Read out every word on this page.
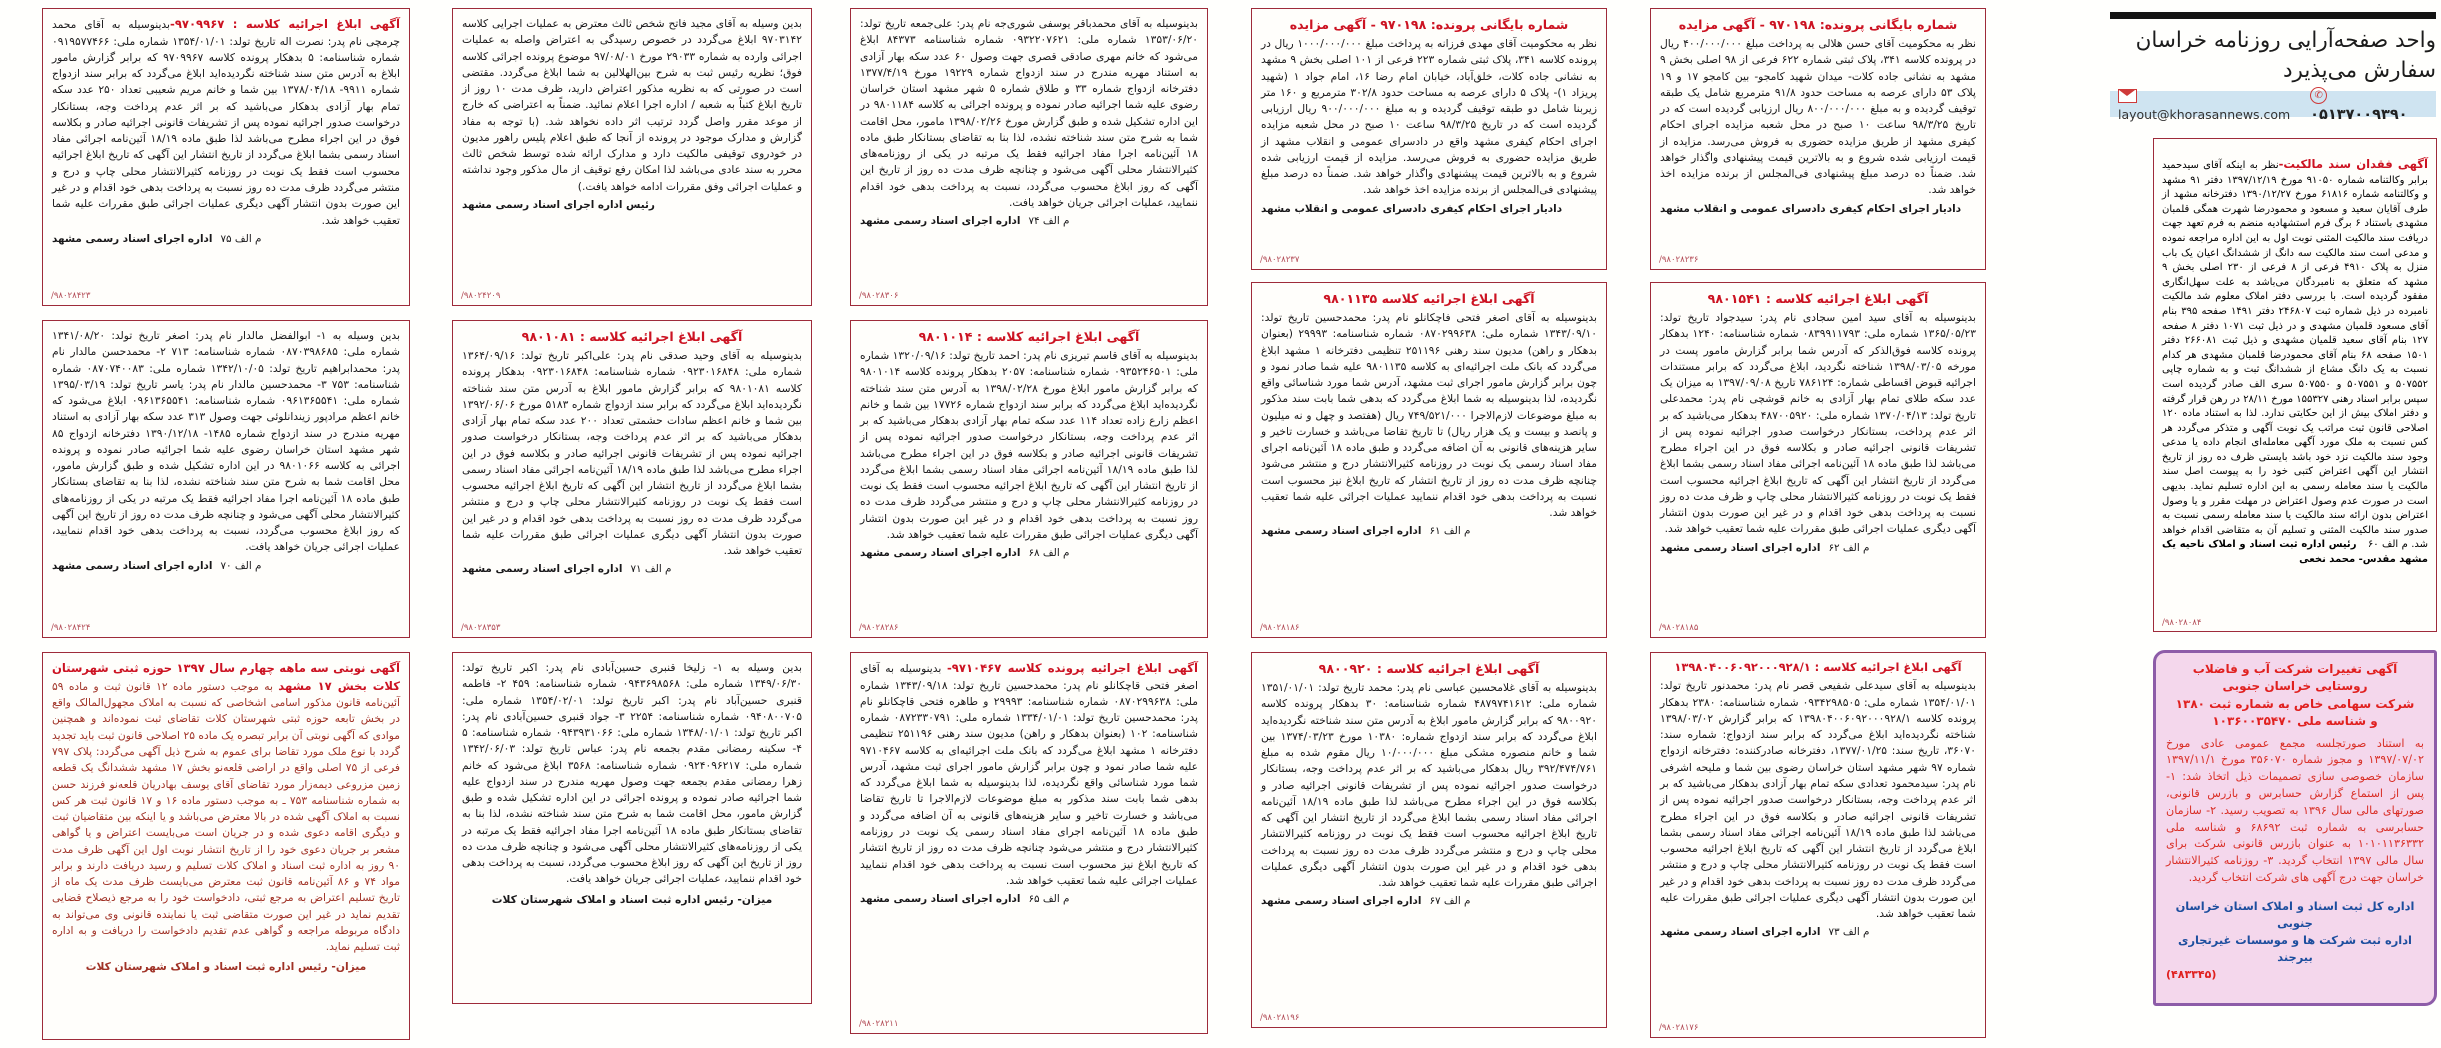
واحد صفحه‌آرایی روزنامه خراسان
سفارش می‌پذیرد
layout@khorasannews.com
✆ ۰۵۱۳۷۰۰۹۳۹۰

آگهی فقدان سند مالکیت-نظر به اینکه آقای سیدحمید برابر وکالتنامه شماره ۹۱۰۵۰ مورخ ۱۳۹۷/۱۲/۱۹ دفتر ۹۱ مشهد و وکالتنامه شماره ۶۱۸۱۶ مورخ ۱۳۹۰/۱۲/۲۷ دفترخانه مشهد از طرف آقایان سعید و مسعود و محمودرضا شهرت همگی قلمبان مشهدی باستناد ۶ برگ فرم استشهادیه منضم به فرم تعهد جهت دریافت سند مالکیت المثنی نوبت اول به این اداره مراجعه نموده و مدعی است سند مالکیت سه دانگ از ششدانگ اعیان یک باب منزل به پلاک ۴۹۱۰ فرعی از ۸ فرعی از ۲۳۰ اصلی بخش ۹ مشهد که متعلق به نامبردگان می‌باشد به علت سهل‌انگاری مفقود گردیده است. با بررسی دفتر املاک معلوم شد مالکیت نامبرده در ذیل شماره ثبت ۲۴۶۸۰۷ دفتر ۱۴۹۱ صفحه ۳۹۵ بنام آقای مسعود قلمبان مشهدی و در ذیل ثبت ۱۰۷۱ دفتر ۸ صفحه ۱۲۷ بنام آقای سعید قلمیان مشهدی و ذیل ثبت ۲۶۶۰۸۱ دفتر ۱۵۰۱ صفحه ۶۸ بنام آقای محمودرضا قلمبان مشهدی هر کدام نسبت به یک دانگ مشاع از ششدانگ ثبت و به شماره چاپی ۵۰۷۵۵۲ و ۵۰۷۵۵۱ و ۵۰۷۵۵۰ سری الف صادر گردیده است سپس برابر اسناد رهنی ۱۵۵۳۲۷ مورخ ۲۸/۱۱ در رهن قرار گرفته و دفتر املاک بیش از این حکایتی ندارد. لذا به استناد ماده ۱۲۰ اصلاحی قانون ثبت مراتب یک نوبت آگهی و متذکر می‌گردد هر کس نسبت به ملک مورد آگهی معامله‌ای انجام داده یا مدعی وجود سند مالکیت نزد خود باشد بایستی ظرف ده روز از تاریخ انتشار این آگهی اعتراض کتبی خود را به پیوست اصل سند مالکیت یا سند معامله رسمی به این اداره تسلیم نماید. بدیهی است در صورت عدم وصول اعتراض در مهلت مقرر و یا وصول اعتراض بدون ارائه سند مالکیت یا سند معامله رسمی نسبت به صدور سند مالکیت المثنی و تسلیم آن به متقاضی اقدام خواهد شد. م الف ۶۰ رئیس اداره ثبت اسناد و املاک ناحیه یک مشهد مقدس- محمد نخعی

/۹۸۰۲۸۰۸۴
آگهی تغییرات شرکت آب و فاضلاب روستایی خراسان جنوبی
شرکت سهامی خاص به شماره ثبت ۱۳۸۰
و شناسه ملی ۱۰۳۶۰۰۳۵۴۷۰

به استناد صورتجلسه مجمع عمومی عادی مورخ ۱۳۹۷/۰۷/۰۲ و مجوز شماره ۳۵۶۰۷۰ مورخ ۱۳۹۷/۱۱/۱ سازمان خصوصی سازی تصمیمات ذیل اتخاذ شد: ۱- پس از استماع گزارش حسابرس و بازرس قانونی، صورتهای مالی سال ۱۳۹۶ به تصویب رسید. ۲- سازمان حسابرسی به شماره ثبت ۶۸۶۹۲ و شناسه ملی ۱۰۱۰۱۱۳۶۳۳۲ به عنوان بازرس قانونی شرکت برای سال مالی ۱۳۹۷ انتخاب گردید. ۳- روزنامه کثیرالانتشار خراسان جهت درج آگهی های شرکت انتخاب گردید.

اداره کل ثبت اسناد و املاک استان خراسان جنوبی
اداره ثبت شرکت ها و موسسات غیرتجاری بیرجند
(۴۸۳۳۴۵)

آگهی ابلاغ اجرائیه کلاسه : ۹۷۰۹۹۶۷-بدینوسیله به آقای محمد چرمچی نام پدر: نصرت اله تاریخ تولد: ۱۳۵۴/۰۱/۰۱ شماره ملی: ۰۹۱۹۵۷۷۴۶۶ شماره شناسنامه: ۵ بدهکار پرونده کلاسه ۹۷۰۹۹۶۷ که برابر گزارش مامور ابلاغ به آدرس متن سند شناخته نگردیده‌اید ابلاغ می‌گردد که برابر سند ازدواج شماره ۹۹۱۱- ۱۳۷۸/۰۴/۱۸ بین شما و خانم مریم شعیبی تعداد ۲۵۰ عدد سکه تمام بهار آزادی بدهکار می‌باشید که بر اثر عدم پرداخت وجه، بستانکار درخواست صدور اجرائیه نموده پس از تشریفات قانونی اجرائیه صادر و بکلاسه فوق در این اجراء مطرح می‌باشد لذا طبق ماده ۱۸/۱۹ آئین‌نامه اجرائی مفاد اسناد رسمی بشما ابلاغ می‌گردد از تاریخ انتشار این آگهی که تاریخ ابلاغ اجرائیه محسوب است فقط یک نوبت در روزنامه کثیرالانتشار محلی چاپ و درج و منتشر می‌گردد ظرف مدت ده روز نسبت به پرداخت بدهی خود اقدام و در غیر این صورت بدون انتشار آگهی دیگری عملیات اجرائی طبق مقررات علیه شما تعقیب خواهد شد.

م الف ۷۵اداره اجرای اسناد رسمی مشهد
/۹۸۰۲۸۴۲۳

بدین وسیله به آقای مجید فاتح شخص ثالث معترض به عملیات اجرایی کلاسه ۹۷۰۳۱۴۲ ابلاغ می‌گردد در خصوص رسیدگی به اعتراض واصله به عملیات اجرائی وارده به شماره ۲۹۰۳۳ مورخ ۹۷/۰۸/۰۱ موضوع پرونده اجرائی کلاسه فوق؛ نظریه رئیس ثبت به شرح بین‌الهلالین به شما ابلاغ می‌گردد. مقتضی است در صورتی که به نظریه مذکور اعتراض دارید، ظرف مدت ۱۰ روز از تاریخ ابلاغ کتباً به شعبه / اداره اجرا اعلام نمائید. ضمناً به اعتراضی که خارج از موعد مقرر واصل گردد ترتیب اثر داده نخواهد شد. (با توجه به مفاد گزارش و مدارک موجود در پرونده از آنجا که طبق اعلام پلیس راهور مدیون در خودروی توقیفی مالکیت دارد و مدارک ارائه شده توسط شخص ثالث محرر به سند عادی می‌باشد لذا امکان رفع توقیف از مال مذکور وجود نداشته و عملیات اجرائی وفق مقررات ادامه خواهد یافت.)

رئیس اداره اجرای اسناد رسمی مشهد
/۹۸۰۲۴۲۰۹

بدینوسیله به آقای محمدباقر یوسفی شوری‌جه نام پدر: علی‌جمعه تاریخ تولد: ۱۳۵۳/۰۶/۲۰ شماره ملی: ۰۹۳۲۲۰۷۶۲۱ شماره شناسنامه ۸۴۳۷۳ ابلاغ می‌شود که خانم مهری صادقی قصری جهت وصول ۶۰ عدد سکه بهار آزادی به استناد مهریه مندرج در سند ازدواج شماره ۱۹۲۲۹ مورخ ۱۳۷۷/۴/۱۹ دفترخانه ازدواج شماره ۳۳ و طلاق شماره ۵ شهر مشهد استان خراسان رضوی علیه شما اجرائیه صادر نموده و پرونده اجرائی به کلاسه ۹۸۰۱۱۸۴ در این اداره تشکیل شده و طبق گزارش مورخ ۱۳۹۸/۰۲/۲۶ مامور، محل اقامت شما به شرح متن سند شناخته نشده، لذا بنا به تقاضای بستانکار طبق ماده ۱۸ آئین‌نامه اجرا مفاد اجرائیه فقط یک مرتبه در یکی از روزنامه‌های کثیرالانتشار محلی آگهی می‌شود و چنانچه ظرف مدت ده روز از تاریخ این آگهی که روز ابلاغ محسوب می‌گردد، نسبت به پرداخت بدهی خود اقدام ننمایید، عملیات اجرائی جریان خواهد یافت.

م الف ۷۴اداره اجرای اسناد رسمی مشهد
/۹۸۰۲۸۳۰۶
شماره بایگانی پرونده: ۹۷۰۱۹۸ - آگهی مزایده

نظر به محکومیت آقای مهدی فرزانه به پرداخت مبلغ ۱۰۰۰/۰۰۰/۰۰۰ ریال در پرونده کلاسه ۳۴۱، پلاک ثبتی شماره ۲۲۳ فرعی از ۱۰۱ اصلی بخش ۹ مشهد به نشانی جاده کلات، خلق‌آباد، خیابان امام رضا ۱۶، امام جواد ۱ (شهید پریزاد ۱)- پلاک ۵ دارای عرصه به مساحت حدود ۳۰۲/۸ مترمربع و ۱۶۰ متر زیربنا شامل دو طبقه توقیف گردیده و به مبلغ ۹۰۰/۰۰۰/۰۰۰ ریال ارزیابی گردیده است که در تاریخ ۹۸/۳/۲۵ ساعت ۱۰ صبح در محل شعبه مزایده اجرای احکام کیفری مشهد واقع در دادسرای عمومی و انقلاب مشهد از طریق مزایده حضوری به فروش می‌رسد. مزایده از قیمت ارزیابی شده شروع و به بالاترین قیمت پیشنهادی واگذار خواهد شد. ضمناً ده درصد مبلغ پیشنهادی فی‌المجلس از برنده مزایده اخذ خواهد شد.

دادیار اجرای احکام کیفری دادسرای عمومی و انقلاب مشهد
/۹۸۰۲۸۲۳۷
شماره بایگانی پرونده: ۹۷۰۱۹۸ - آگهی مزایده

نظر به محکومیت آقای حسن هلالی به پرداخت مبلغ ۴۰۰/۰۰۰/۰۰۰ ریال در پرونده کلاسه ۳۴۱، پلاک ثبتی شماره ۶۲۲ فرعی از ۹۸ اصلی بخش ۹ مشهد به نشانی جاده کلات- میدان شهید کامجو- بین کامجو ۱۷ و ۱۹ پلاک ۵۳ دارای عرصه به مساحت حدود ۹۱/۸ مترمربع شامل یک طبقه توقیف گردیده و به مبلغ ۸۰۰/۰۰۰/۰۰۰ ریال ارزیابی گردیده است که در تاریخ ۹۸/۳/۲۵ ساعت ۱۰ صبح در محل شعبه مزایده اجرای احکام کیفری مشهد از طریق مزایده حضوری به فروش می‌رسد. مزایده از قیمت ارزیابی شده شروع و به بالاترین قیمت پیشنهادی واگذار خواهد شد. ضمناً ده درصد مبلغ پیشنهادی فی‌المجلس از برنده مزایده اخذ خواهد شد.

دادیار اجرای احکام کیفری دادسرای عمومی و انقلاب مشهد
/۹۸۰۲۸۲۳۶

بدین وسیله به ۱- ابوالفضل مالدار نام پدر: اصغر تاریخ تولد: ۱۳۴۱/۰۸/۲۰ شماره ملی: ۰۸۷۰۳۹۸۶۸۵ شماره شناسنامه: ۷۱۳ ۲- محمدحسن مالدار نام پدر: محمدابراهیم تاریخ تولد: ۱۳۴۲/۱۰/۰۵ شماره ملی: ۰۸۷۰۷۴۰۰۸۳ شماره شناسنامه: ۷۵۳ ۳- محمدحسین مالدار نام پدر: یاسر تاریخ تولد: ۱۳۹۵/۰۳/۱۹ شماره ملی: ۰۹۶۱۳۶۵۵۴۱ شماره شناسنامه: ۰۹۶۱۳۶۵۵۴۱ ابلاغ می‌شود که خانم اعظم مرادپور زیندانلوئی جهت وصول ۳۱۳ عدد سکه بهار آزادی به استناد مهریه مندرج در سند ازدواج شماره ۱۴۸۵- ۱۳۹۰/۱۲/۱۸ دفترخانه ازدواج ۸۵ شهر مشهد استان خراسان رضوی علیه شما اجرائیه صادر نموده و پرونده اجرائی به کلاسه ۹۸۰۱۰۶۶ در این اداره تشکیل شده و طبق گزارش مامور، محل اقامت شما به شرح متن سند شناخته نشده، لذا بنا به تقاضای بستانکار طبق ماده ۱۸ آئین‌نامه اجرا مفاد اجرائیه فقط یک مرتبه در یکی از روزنامه‌های کثیرالانتشار محلی آگهی می‌شود و چنانچه ظرف مدت ده روز از تاریخ این آگهی که روز ابلاغ محسوب می‌گردد، نسبت به پرداخت بدهی خود اقدام ننمایید، عملیات اجرائی جریان خواهد یافت.

م الف ۷۰اداره اجرای اسناد رسمی مشهد
/۹۸۰۲۸۴۲۴
آگهی ابلاغ اجرائیه کلاسه : ۹۸۰۱۰۸۱

بدینوسیله به آقای وحید صدقی نام پدر: علی‌اکبر تاریخ تولد: ۱۳۶۴/۰۹/۱۶ شماره ملی: ۰۹۲۳۰۱۶۸۴۸ شماره شناسنامه: ۰۹۲۳۰۱۶۸۴۸ بدهکار پرونده کلاسه ۹۸۰۱۰۸۱ که برابر گزارش مامور ابلاغ به آدرس متن سند شناخته نگردیده‌اید ابلاغ می‌گردد که برابر سند ازدواج شماره ۵۱۸۳ مورخ ۱۳۹۲/۰۶/۰۶ بین شما و خانم اعظم سادات حشمتی تعداد ۲۰۰ عدد سکه تمام بهار آزادی بدهکار می‌باشید که بر اثر عدم پرداخت وجه، بستانکار درخواست صدور اجرائیه نموده پس از تشریفات قانونی اجرائیه صادر و بکلاسه فوق در این اجراء مطرح می‌باشد لذا طبق ماده ۱۸/۱۹ آئین‌نامه اجرائی مفاد اسناد رسمی بشما ابلاغ می‌گردد از تاریخ انتشار این آگهی که تاریخ ابلاغ اجرائیه محسوب است فقط یک نوبت در روزنامه کثیرالانتشار محلی چاپ و درج و منتشر می‌گردد ظرف مدت ده روز نسبت به پرداخت بدهی خود اقدام و در غیر این صورت بدون انتشار آگهی دیگری عملیات اجرائی طبق مقررات علیه شما تعقیب خواهد شد.

م الف ۷۱اداره اجرای اسناد رسمی مشهد
/۹۸۰۲۸۳۵۳
آگهی ابلاغ اجرائیه کلاسه : ۹۸۰۱۰۱۴

بدینوسیله به آقای قاسم تبریزی نام پدر: احمد تاریخ تولد: ۱۳۲۰/۰۹/۱۶ شماره ملی: ۰۹۳۵۲۴۶۵۰۱ شماره شناسنامه: ۲۰۵۷ بدهکار پرونده کلاسه ۹۸۰۱۰۱۴ که برابر گزارش مامور ابلاغ مورخ ۱۳۹۸/۰۲/۲۸ به آدرس متن سند شناخته نگردیده‌اید ابلاغ می‌گردد که برابر سند ازدواج شماره ۱۷۷۲۶ بین شما و خانم اعظم زارع زاده تعداد ۱۱۴ عدد سکه تمام بهار آزادی بدهکار می‌باشید که بر اثر عدم پرداخت وجه، بستانکار درخواست صدور اجرائیه نموده پس از تشریفات قانونی اجرائیه صادر و بکلاسه فوق در این اجراء مطرح می‌باشد لذا طبق ماده ۱۸/۱۹ آئین‌نامه اجرائی مفاد اسناد رسمی بشما ابلاغ می‌گردد از تاریخ انتشار این آگهی که تاریخ ابلاغ اجرائیه محسوب است فقط یک نوبت در روزنامه کثیرالانتشار محلی چاپ و درج و منتشر می‌گردد ظرف مدت ده روز نسبت به پرداخت بدهی خود اقدام و در غیر این صورت بدون انتشار آگهی دیگری عملیات اجرائی طبق مقررات علیه شما تعقیب خواهد شد.

م الف ۶۸اداره اجرای اسناد رسمی مشهد
/۹۸۰۲۸۲۸۶
آگهی ابلاغ اجرائیه کلاسه ۹۸۰۱۱۳۵

بدینوسیله به آقای اصغر فتحی فاچکانلو نام پدر: محمدحسین تاریخ تولد: ۱۳۴۳/۰۹/۱۰ شماره ملی: ۰۸۷۰۲۹۹۶۳۸ شماره شناسنامه: ۲۹۹۹۳ (بعنوان بدهکار و راهن) مدیون سند رهنی ۲۵۱۱۹۶ تنظیمی دفترخانه ۱ مشهد ابلاغ می‌گردد که بانک ملت اجرائیه‌ای به کلاسه ۹۸۰۱۱۳۵ علیه شما صادر نمود و چون برابر گزارش مامور اجرای ثبت مشهد، آدرس شما مورد شناسائی واقع نگردیده، لذا بدینوسیله به شما ابلاغ می‌گردد که بدهی شما بابت سند مذکور به مبلغ موضوعات لازم‌الاجرا ۷۴۹/۵۲۱/۰۰۰ ریال (هفتصد و چهل و نه میلیون و پانصد و بیست و یک هزار ریال) تا تاریخ تقاضا می‌باشد و خسارت تاخیر و سایر هزینه‌های قانونی به آن اضافه می‌گردد و طبق ماده ۱۸ آئین‌نامه اجرای مفاد اسناد رسمی یک نوبت در روزنامه کثیرالانتشار درج و منتشر می‌شود چنانچه ظرف مدت ده روز از تاریخ انتشار که تاریخ ابلاغ نیز محسوب است نسبت به پرداخت بدهی خود اقدام ننمایید عملیات اجرائی علیه شما تعقیب خواهد شد.

م الف ۶۱اداره اجرای اسناد رسمی مشهد
/۹۸۰۲۸۱۸۶
آگهی ابلاغ اجرائیه کلاسه : ۹۸۰۱۵۴۱

بدینوسیله به آقای سید امین سجادی نام پدر: سیدجواد تاریخ تولد: ۱۳۶۵/۰۵/۲۳ شماره ملی: ۰۸۳۹۹۱۱۷۹۳ شماره شناسنامه: ۱۲۴۰ بدهکار پرونده کلاسه فوق‌الذکر که آدرس شما برابر گزارش مامور پست در مورخه ۱۳۹۸/۰۳/۰۵ شناخته نگردید، ابلاغ می‌گردد که برابر مستندات اجرائیه قبوض اقساطی شماره: ۷۸۶۱۲۴ تاریخ ۱۳۹۷/۰۹/۰۸ به میزان یک عدد سکه طلای تمام بهار آزادی به خانم قوشچی نام پدر: محمدعلی تاریخ تولد: ۱۳۷۰/۰۴/۱۳ شماره ملی: ۴۸۷۰۰۵۹۲۰ بدهکار می‌باشید که بر اثر عدم پرداخت، بستانکار درخواست صدور اجرائیه نموده پس از تشریفات قانونی اجرائیه صادر و بکلاسه فوق در این اجراء مطرح می‌باشد لذا طبق ماده ۱۸ آئین‌نامه اجرائی مفاد اسناد رسمی بشما ابلاغ می‌گردد از تاریخ انتشار این آگهی که تاریخ ابلاغ اجرائیه محسوب است فقط یک نوبت در روزنامه کثیرالانتشار محلی چاپ و ظرف مدت ده روز نسبت به پرداخت بدهی خود اقدام و در غیر این صورت بدون انتشار آگهی دیگری عملیات اجرائی طبق مقررات علیه شما تعقیب خواهد شد.

م الف ۶۲اداره اجرای اسناد رسمی مشهد
/۹۸۰۲۸۱۸۵

آگهی نوبتی سه ماهه چهارم سال ۱۳۹۷ حوزه ثبتی شهرستان کلات بخش ۱۷ مشهد به موجب دستور ماده ۱۲ قانون ثبت و ماده ۵۹ آئین‌نامه قانون مذکور اسامی اشخاصی که نسبت به املاک مجهول‌المالک واقع در بخش تابعه حوزه ثبتی شهرستان کلات تقاضای ثبت نموده‌اند و همچنین موادی که آگهی نوبتی آن برابر تبصره یک ماده ۲۵ اصلاحی قانون ثبت باید تجدید گردد با نوع ملک مورد تقاضا برای عموم به شرح ذیل آگهی می‌گردد: پلاک ۷۹۷ فرعی از ۷۵ اصلی واقع در اراضی قلعه‌نو بخش ۱۷ مشهد ششدانگ یک قطعه زمین مزروعی دیمه‌زار مورد تقاضای آقای یوسف بهادریان قلعه‌نو فرزند حسن به شماره شناسنامه ۷۵۳ ـ به موجب دستور ماده ۱۶ و ۱۷ قانون ثبت هر کس نسبت به املاک آگهی شده در بالا معترض می‌باشد و یا اینکه بین متقاضیان ثبت و دیگری اقامه دعوی شده و در جریان است می‌بایست اعتراض و یا گواهی مشعر بر جریان دعوی خود را از تاریخ انتشار نوبت اول این آگهی ظرف مدت ۹۰ روز به اداره ثبت اسناد و املاک کلات تسلیم و رسید دریافت دارند و برابر مواد ۷۴ و ۸۶ آئین‌نامه قانون ثبت معترض می‌بایست ظرف مدت یک ماه از تاریخ تسلیم اعتراض به مرجع ثبتی، دادخواست خود را به مرجع ذیصلاح قضایی تقدیم نماید در غیر این صورت متقاضی ثبت یا نماینده قانونی وی می‌تواند به دادگاه مربوطه مراجعه و گواهی عدم تقدیم دادخواست را دریافت و به اداره ثبت تسلیم نماید.

میزان- رئیس اداره ثبت اسناد و املاک شهرستان کلات

بدین وسیله به ۱- زلیخا قنبری حسین‌آبادی نام پدر: اکبر تاریخ تولد: ۱۳۴۹/۰۶/۳۰ شماره ملی: ۰۹۴۳۶۹۸۵۶۸ شماره شناسنامه: ۴۵۹ ۲- فاطمه قنبری حسین‌آباد نام پدر: اکبر تاریخ تولد: ۱۳۵۴/۰۲/۰۱ شماره ملی: ۰۹۴۰۸۰۰۷۰۵ شماره شناسنامه: ۲۲۵۴ ۳- جواد قنبری حسین‌آبادی نام پدر: اکبر تاریخ تولد: ۱۳۴۸/۰۱/۰۱ شماره ملی: ۰۹۴۳۹۳۱۰۶۶ شماره شناسنامه: ۵ ۴- سکینه رمضانی مقدم بجمعه نام پدر: عباس تاریخ تولد: ۱۳۴۲/۰۶/۰۳ شماره ملی: ۰۹۲۴۰۹۶۲۱۷ شماره شناسنامه: ۳۵۶۸ ابلاغ می‌شود که خانم زهرا رمضانی مقدم بجمعه جهت وصول مهریه مندرج در سند ازدواج علیه شما اجرائیه صادر نموده و پرونده اجرائی در این اداره تشکیل شده و طبق گزارش مامور، محل اقامت شما به شرح متن سند شناخته نشده، لذا بنا به تقاضای بستانکار طبق ماده ۱۸ آئین‌نامه اجرا مفاد اجرائیه فقط یک مرتبه در یکی از روزنامه‌های کثیرالانتشار محلی آگهی می‌شود و چنانچه ظرف مدت ده روز از تاریخ این آگهی که روز ابلاغ محسوب می‌گردد، نسبت به پرداخت بدهی خود اقدام ننمایید، عملیات اجرائی جریان خواهد یافت.

میزان- رئیس اداره ثبت اسناد و املاک شهرستان کلات

آگهی ابلاغ اجرائیه پرونده کلاسه ۹۷۱۰۴۶۷- بدینوسیله به آقای اصغر فتحی قاچکانلو نام پدر: محمدحسین تاریخ تولد: ۱۳۴۳/۰۹/۱۸ شماره ملی: ۰۸۷۰۲۹۹۶۳۸ شماره شناسنامه: ۲۹۹۹۳ و طاهره فتحی قاچکانلو نام پدر: محمدحسین تاریخ تولد: ۱۳۳۴/۰۱/۰۱ شماره ملی: ۰۸۷۲۳۳۰۷۹۱ شماره شناسنامه: ۱۰۲ (بعنوان بدهکار و راهن) مدیون سند رهنی ۲۵۱۱۹۶ تنظیمی دفترخانه ۱ مشهد ابلاغ می‌گردد که بانک ملت اجرائیه‌ای به کلاسه ۹۷۱۰۴۶۷ علیه شما صادر نمود و چون برابر گزارش مامور اجرای ثبت مشهد، آدرس شما مورد شناسائی واقع نگردیده، لذا بدینوسیله به شما ابلاغ می‌گردد که بدهی شما بابت سند مذکور به مبلغ موضوعات لازم‌الاجرا تا تاریخ تقاضا می‌باشد و خسارت تاخیر و سایر هزینه‌های قانونی به آن اضافه می‌گردد و طبق ماده ۱۸ آئین‌نامه اجرای مفاد اسناد رسمی یک نوبت در روزنامه کثیرالانتشار درج و منتشر می‌شود چنانچه ظرف مدت ده روز از تاریخ انتشار که تاریخ ابلاغ نیز محسوب است نسبت به پرداخت بدهی خود اقدام ننمایید عملیات اجرائی علیه شما تعقیب خواهد شد.

م الف ۶۵اداره اجرای اسناد رسمی مشهد
/۹۸۰۲۸۲۱۱
آگهی ابلاغ اجرائیه کلاسه : ۹۸۰۰۹۲۰

بدینوسیله به آقای غلامحسین عباسی نام پدر: محمد تاریخ تولد: ۱۳۵۱/۰۱/۰۱ شماره ملی: ۴۸۷۹۷۴۱۶۱۲ شماره شناسنامه: ۳۰ بدهکار پرونده کلاسه ۹۸۰۰۹۲۰ که برابر گزارش مامور ابلاغ به آدرس متن سند شناخته نگردیده‌اید ابلاغ می‌گردد که برابر سند ازدواج شماره: ۱۰۳۸۰ مورخ ۱۳۷۴/۰۳/۲۳ بین شما و خانم منصوره مشکی مبلغ ۱۰/۰۰۰/۰۰۰ ریال مقوم شده به مبلغ ۳۹۲/۴۷۴/۷۶۱ ریال بدهکار می‌باشید که بر اثر عدم پرداخت وجه، بستانکار درخواست صدور اجرائیه نموده پس از تشریفات قانونی اجرائیه صادر و بکلاسه فوق در این اجراء مطرح می‌باشد لذا طبق ماده ۱۸/۱۹ آئین‌نامه اجرائی مفاد اسناد رسمی بشما ابلاغ می‌گردد از تاریخ انتشار این آگهی که تاریخ ابلاغ اجرائیه محسوب است فقط یک نوبت در روزنامه کثیرالانتشار محلی چاپ و درج و منتشر می‌گردد ظرف مدت ده روز نسبت به پرداخت بدهی خود اقدام و در غیر این صورت بدون انتشار آگهی دیگری عملیات اجرائی طبق مقررات علیه شما تعقیب خواهد شد.

م الف ۶۷اداره اجرای اسناد رسمی مشهد
/۹۸۰۲۸۱۹۶
آگهی ابلاغ اجرائیه کلاسه : ۱۳۹۸۰۴۰۰۶۰۹۲۰۰۰۹۲۸/۱

بدینوسیله به آقای سیدعلی شفیعی قصر نام پدر: محمدنور تاریخ تولد: ۱۳۵۴/۰۱/۰۱ شماره ملی: ۰۹۳۴۲۹۸۵۰۵ شماره شناسنامه: ۲۳۸۰ بدهکار پرونده کلاسه ۱۳۹۸۰۴۰۰۶۰۹۲۰۰۰۹۲۸/۱ که برابر گزارش ۱۳۹۸/۰۳/۰۲ شناخته نگردیده‌اید ابلاغ می‌گردد که برابر سند ازدواج: شماره سند: ۳۶۰۷۰، تاریخ سند: ۱۳۷۷/۰۱/۲۵، دفترخانه صادرکننده: دفترخانه ازدواج شماره ۹۷ شهر مشهد استان خراسان رضوی بین شما و ملیحه اشرفی نام پدر: سیدمحمود تعدادی سکه تمام بهار آزادی بدهکار می‌باشید که بر اثر عدم پرداخت وجه، بستانکار درخواست صدور اجرائیه نموده پس از تشریفات قانونی اجرائیه صادر و بکلاسه فوق در این اجراء مطرح می‌باشد لذا طبق ماده ۱۸/۱۹ آئین‌نامه اجرائی مفاد اسناد رسمی بشما ابلاغ می‌گردد از تاریخ انتشار این آگهی که تاریخ ابلاغ اجرائیه محسوب است فقط یک نوبت در روزنامه کثیرالانتشار محلی چاپ و درج و منتشر می‌گردد ظرف مدت ده روز نسبت به پرداخت بدهی خود اقدام و در غیر این صورت بدون انتشار آگهی دیگری عملیات اجرائی طبق مقررات علیه شما تعقیب خواهد شد.

م الف ۷۳اداره اجرای اسناد رسمی مشهد
/۹۸۰۲۸۱۷۶
